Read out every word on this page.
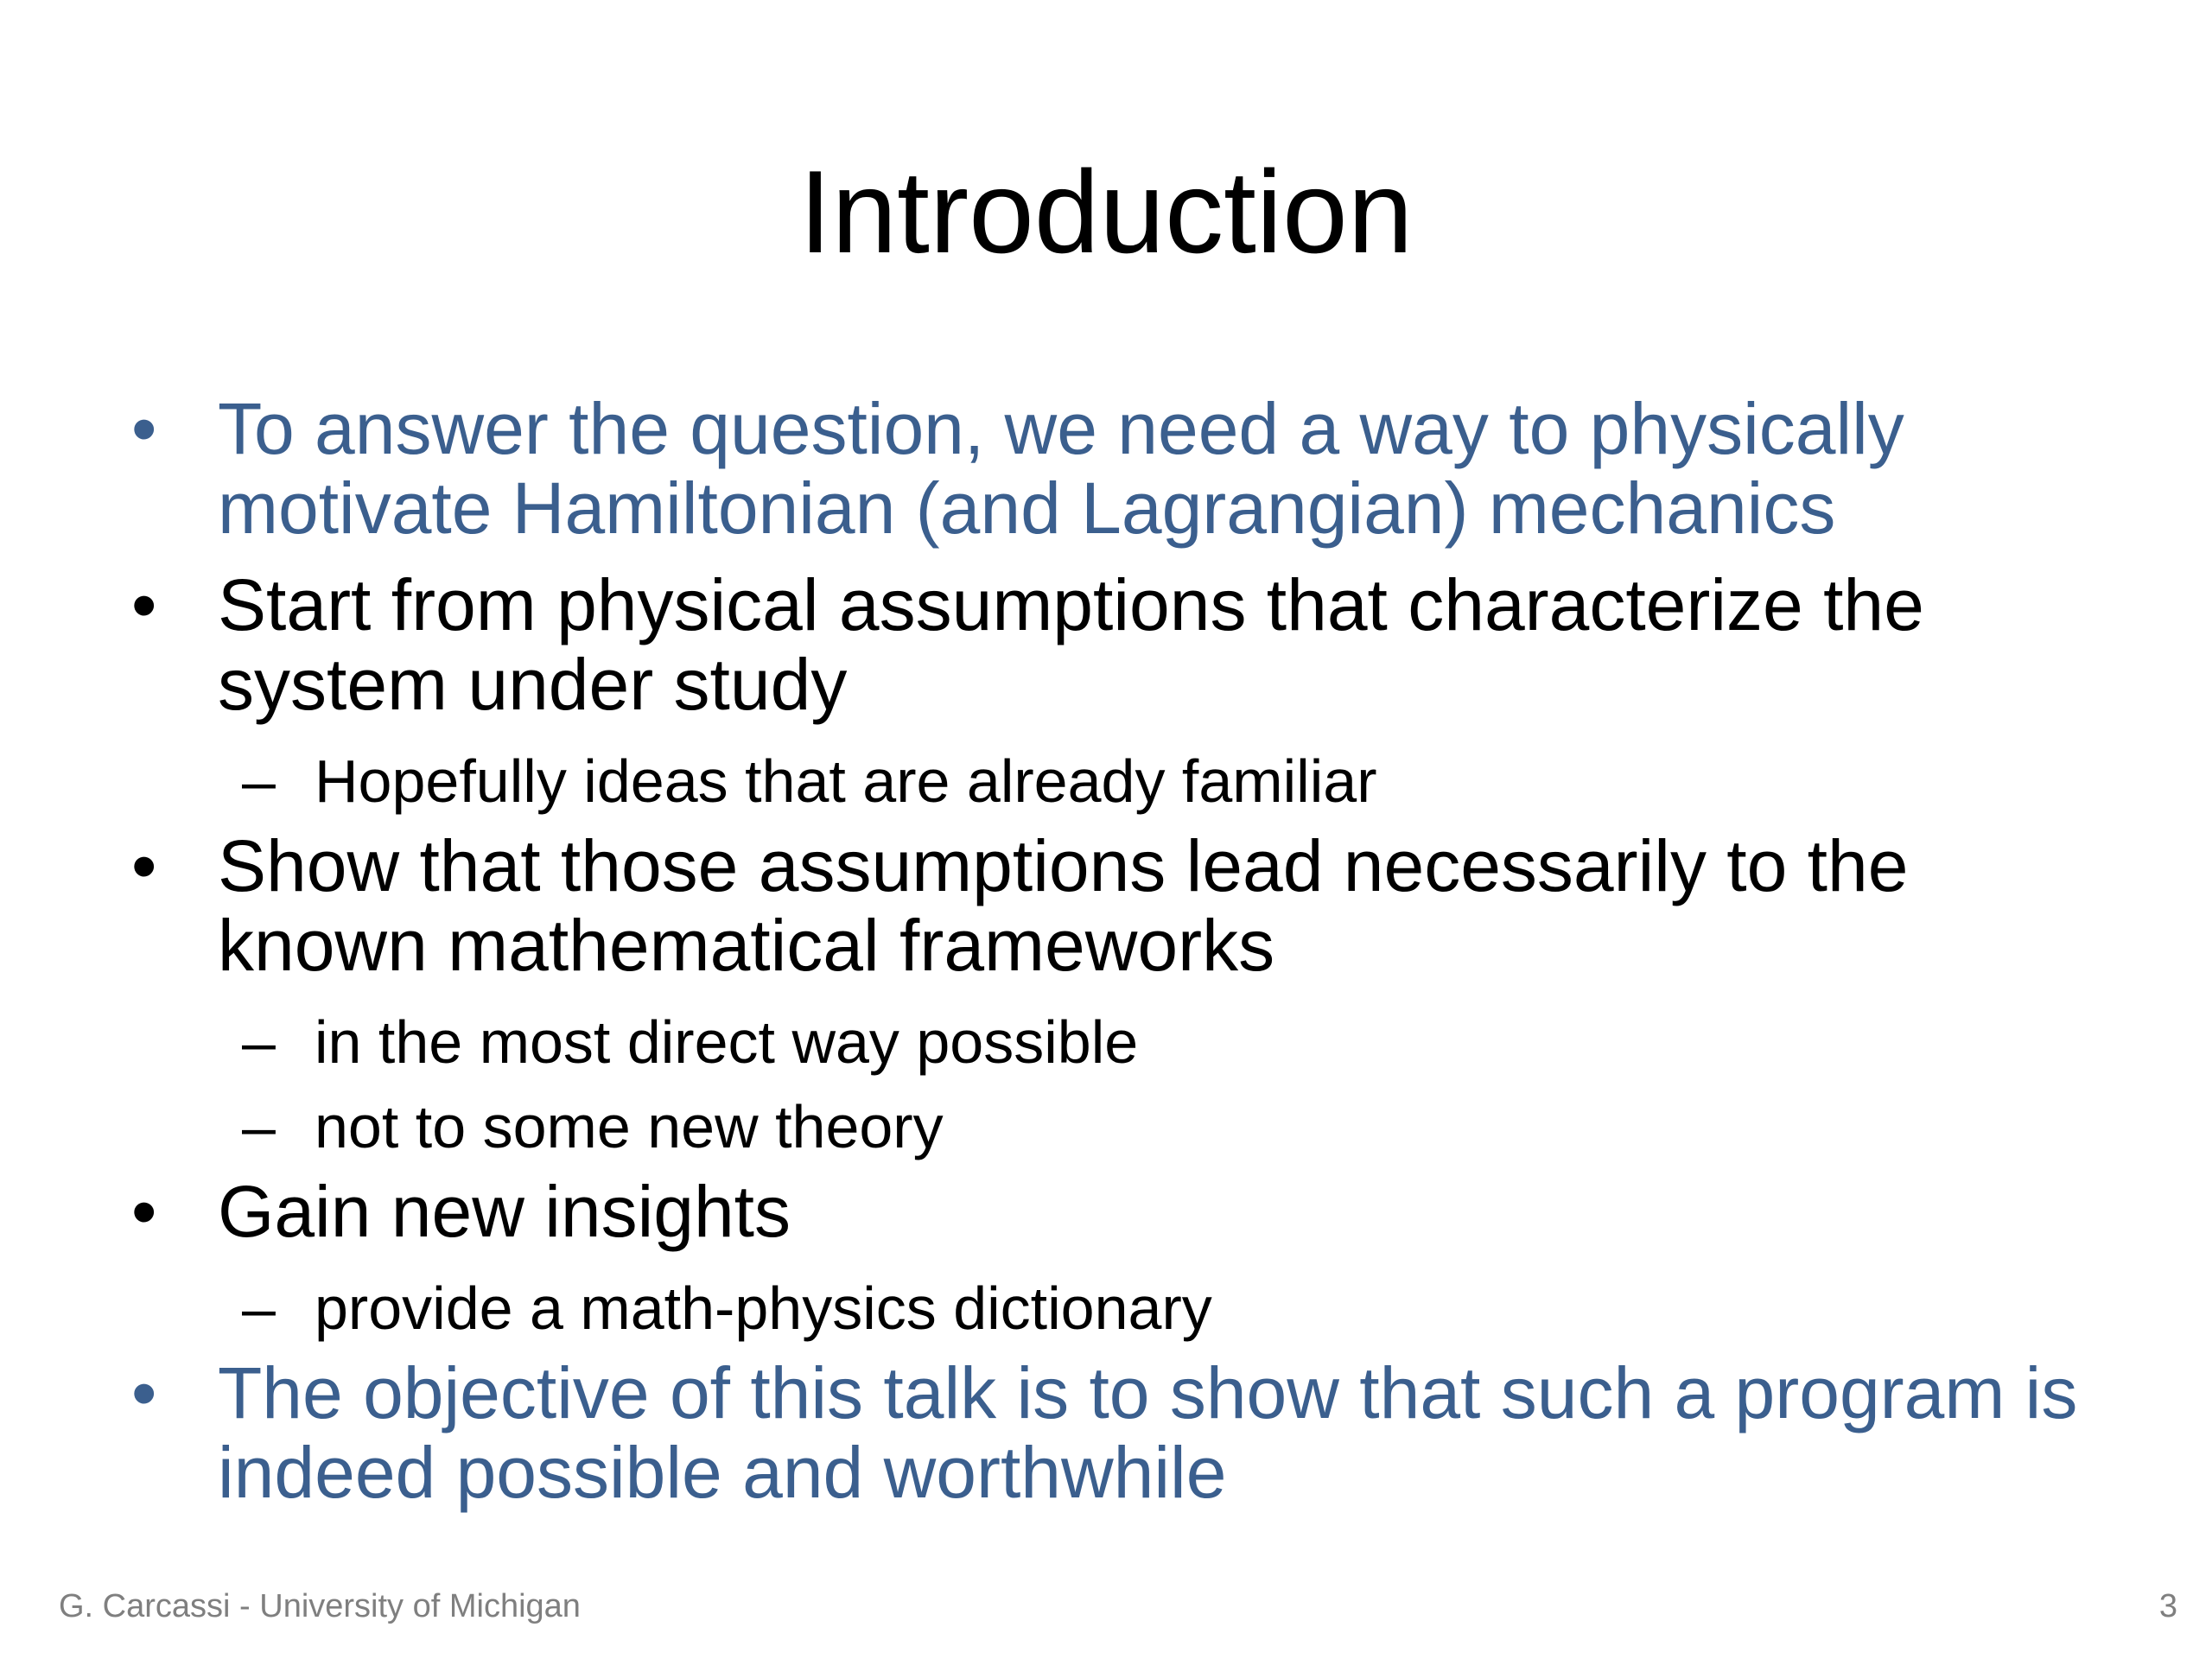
Introduction
• To answer the question, we need a way to physically motivate Hamiltonian (and Lagrangian) mechanics
• Start from physical assumptions that characterize the system under study
– Hopefully ideas that are already familiar
• Show that those assumptions lead necessarily to the known mathematical frameworks
– in the most direct way possible
– not to some new theory
• Gain new insights
– provide a math-physics dictionary
• The objective of this talk is to show that such a program is indeed possible and worthwhile
G. Carcassi - University of Michigan	3
